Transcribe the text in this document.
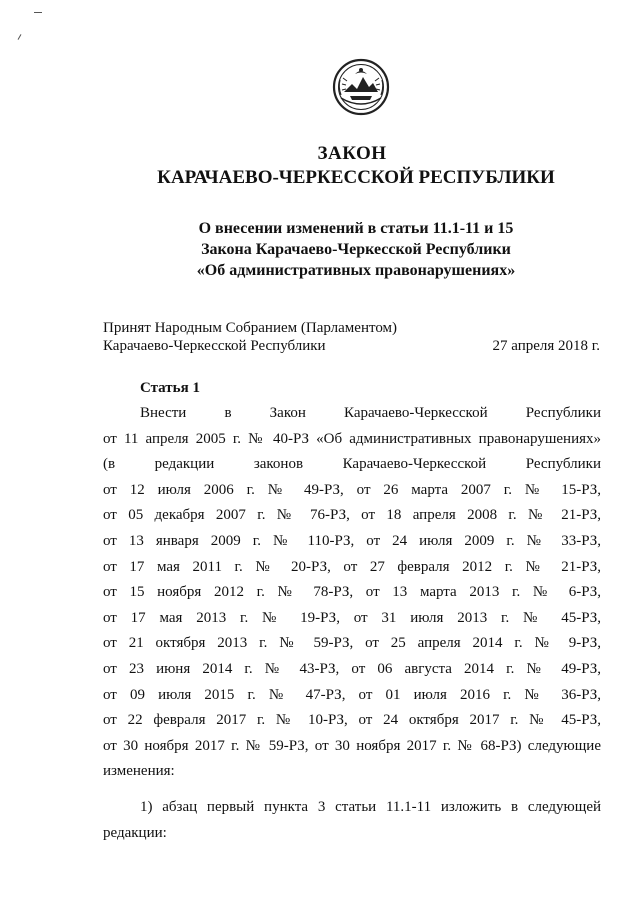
ЗАКОН
КАРАЧАЕВО-ЧЕРКЕССКОЙ РЕСПУБЛИКИ
О внесении изменений в статьи 11.1-11 и 15
Закона Карачаево-Черкесской Республики
«Об административных правонарушениях»
Принят Народным Собранием (Парламентом)
Карачаево-Черкесской Республики	27 апреля 2018 г.
Статья 1
Внести в Закон Карачаево-Черкесской Республики
от 11 апреля 2005 г. № 40-РЗ «Об административных правонарушениях»
(в редакции законов Карачаево-Черкесской Республики
от 12 июля 2006 г. № 49-РЗ, от 26 марта 2007 г. № 15-РЗ,
от 05 декабря 2007 г. № 76-РЗ, от 18 апреля 2008 г. № 21-РЗ,
от 13 января 2009 г. № 110-РЗ, от 24 июля 2009 г. № 33-РЗ,
от 17 мая 2011 г. № 20-РЗ, от 27 февраля 2012 г. № 21-РЗ,
от 15 ноября 2012 г. № 78-РЗ, от 13 марта 2013 г. № 6-РЗ,
от 17 мая 2013 г. № 19-РЗ, от 31 июля 2013 г. № 45-РЗ,
от 21 октября 2013 г. № 59-РЗ, от 25 апреля 2014 г. № 9-РЗ,
от 23 июня 2014 г. № 43-РЗ, от 06 августа 2014 г. № 49-РЗ,
от 09 июля 2015 г. № 47-РЗ, от 01 июля 2016 г. № 36-РЗ,
от 22 февраля 2017 г. № 10-РЗ, от 24 октября 2017 г. № 45-РЗ,
от 30 ноября 2017 г. № 59-РЗ, от 30 ноября 2017 г. № 68-РЗ) следующие
изменения:
1) абзац первый пункта 3 статьи 11.1-11 изложить в следующей
редакции:
